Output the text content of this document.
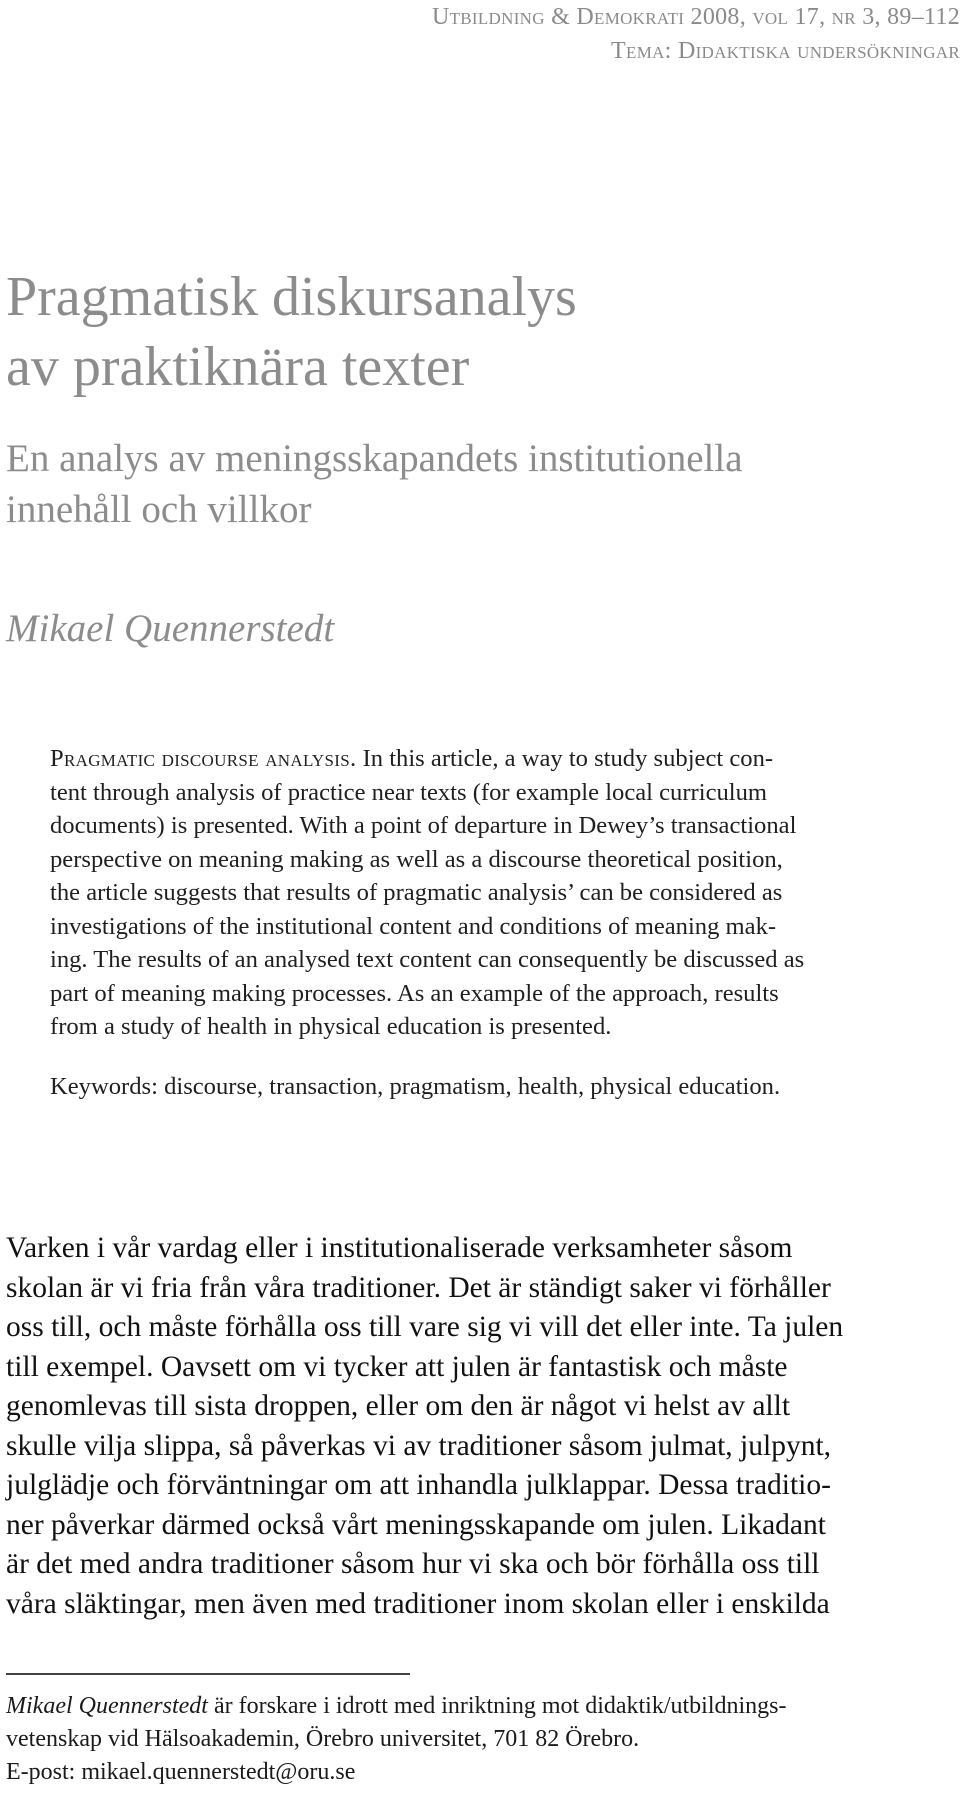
Utbildning & Demokrati 2008, vol 17, nr 3, 89–112
Tema: Didaktiska undersökningar
Pragmatisk diskursanalys
av praktiknära texter
En analys av meningsskapandets institutionella
innehåll och villkor
Mikael Quennerstedt
Pragmatic discourse analysis. In this article, a way to study subject con-
tent through analysis of practice near texts (for example local curriculum
documents) is presented. With a point of departure in Dewey’s transactional
perspective on meaning making as well as a discourse theoretical position,
the article suggests that results of pragmatic analysis’ can be considered as
investigations of the institutional content and conditions of meaning mak-
ing. The results of an analysed text content can consequently be discussed as
part of meaning making processes. As an example of the approach, results
from a study of health in physical education is presented.
Keywords: discourse, transaction, pragmatism, health, physical education.
Varken i vår vardag eller i institutionaliserade verksamheter såsom
skolan är vi fria från våra traditioner. Det är ständigt saker vi förhåller
oss till, och måste förhålla oss till vare sig vi vill det eller inte. Ta julen
till exempel. Oavsett om vi tycker att julen är fantastisk och måste
genomlevas till sista droppen, eller om den är något vi helst av allt
skulle vilja slippa, så påverkas vi av traditioner såsom julmat, julpynt,
julglädje och förväntningar om att inhandla julklappar. Dessa traditio-
ner påverkar därmed också vårt meningsskapande om julen. Likadant
är det med andra traditioner såsom hur vi ska och bör förhålla oss till
våra släktingar, men även med traditioner inom skolan eller i enskilda
Mikael Quennerstedt är forskare i idrott med inriktning mot didaktik/utbildnings-
vetenskap vid Hälsoakademin, Örebro universitet, 701 82 Örebro.
E-post: mikael.quennerstedt@oru.se
